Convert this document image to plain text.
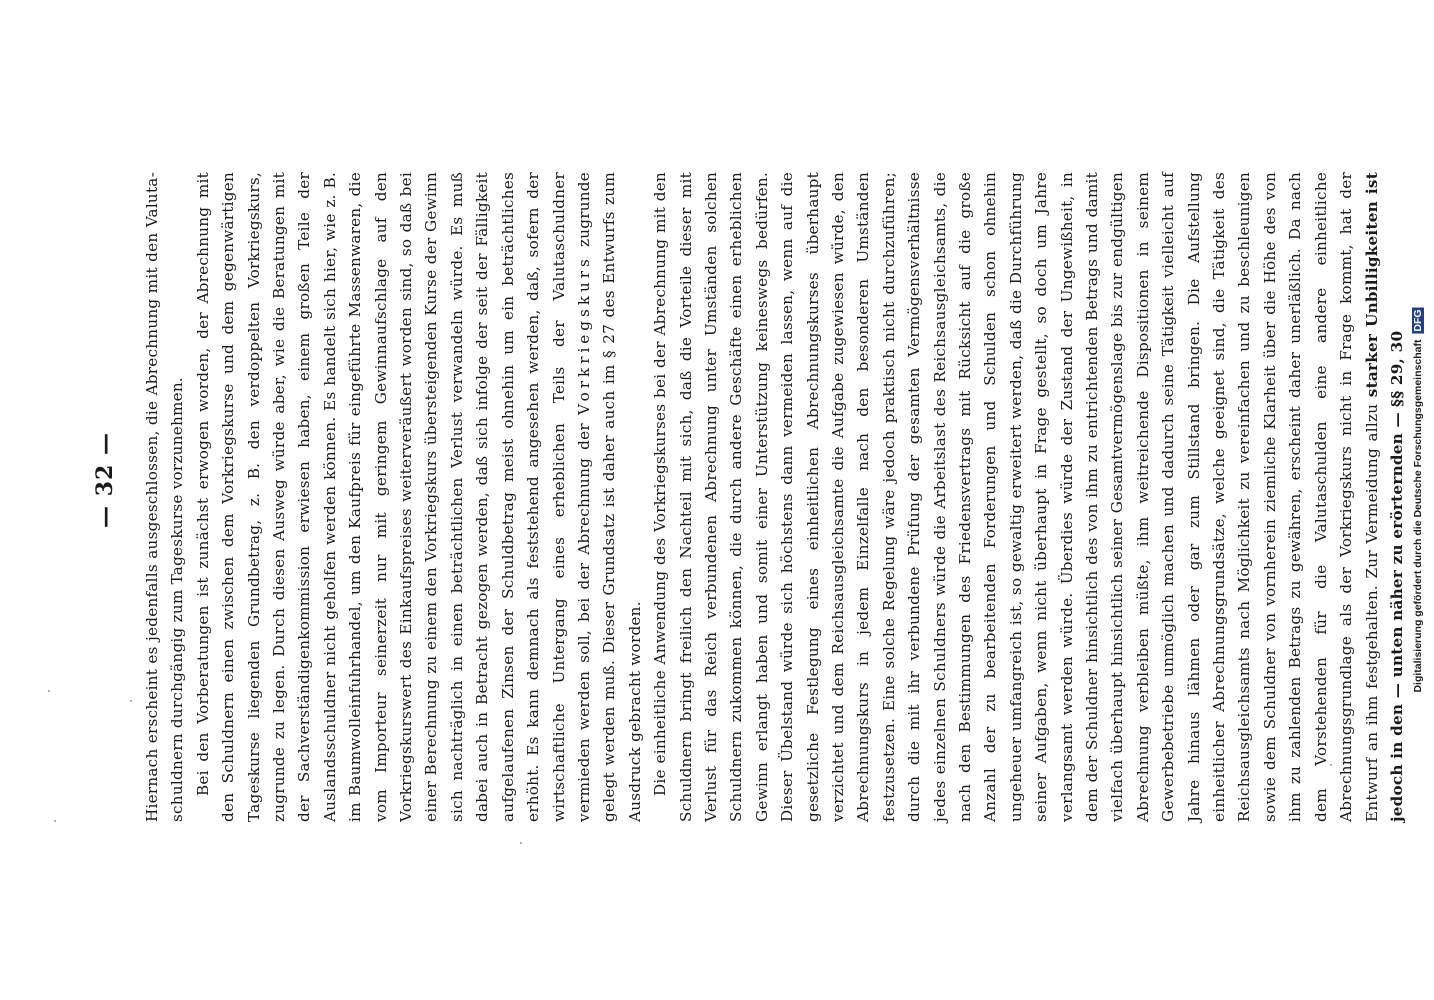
— 32 — Hiernach erscheint es jedenfalls ausgeschlossen, die Abrechnung mit den Valuta-schuldnern durchgängig zum Tageskurse vorzunehmen. Bei den Vorberatungen ist zunächst erwogen worden, der Abrechnung mit den Schuldnern einen zwischen dem Vorkriegskurse und dem gegenwärtigen Tageskurse liegenden Grundbetrag, z. B. den verdoppelten Vorkriegskurs, zugrunde zu legen. Durch diesen Ausweg würde aber, wie die Beratungen mit der Sachverständigenkommission erwiesen haben, einem großen Teile der Auslandsschuldner nicht geholfen werden können. Es handelt sich hier, wie z. B. im Baumwolleinfuhrhandel, um den Kaufpreis für eingeführte Massenwaren, die vom Importeur seinerzeit nur mit geringem Gewinnaufschlage auf den Vorkriegskurswert des Einkaufspreises weiterveräußert worden sind, so daß bei einer Berechnung zu einem den Vorkriegskurs übersteigenden Kurse der Gewinn sich nachträglich in einen beträchtlichen Verlust verwandeln würde. Es muß dabei auch in Betracht gezogen werden, daß sich infolge der seit der Fälligkeit aufgelaufenen Zinsen der Schuldbetrag meist ohnehin um ein beträchtliches erhöht. Es kann demnach als feststehend angesehen werden, daß, sofern der wirtschaftliche Untergang eines erheblichen Teils der Valutaschuldner vermieden werden soll, bei der Abrechnung der Vorkriegskurs zugrunde gelegt werden muß. Dieser Grundsatz ist daher auch im § 27 des Entwurfs zum Ausdruck gebracht worden. Die einheitliche Anwendung des Vorkriegskurses bei der Abrechnung mit den Schuldnern bringt freilich den Nachteil mit sich, daß die Vorteile dieser mit Verlust für das Reich verbundenen Abrechnung unter Umständen solchen Schuldnern zukommen können, die durch andere Geschäfte einen erheblichen Gewinn erlangt haben und somit einer Unterstützung keineswegs bedürfen. Dieser Übelstand würde sich höchstens dann vermeiden lassen, wenn auf die gesetzliche Festlegung eines einheitlichen Abrechnungskurses überhaupt verzichtet und dem Reichsausgleichsamte die Aufgabe zugewiesen würde, den Abrechnungskurs in jedem Einzelfalle nach den besonderen Umständen festzusetzen. Eine solche Regelung wäre jedoch praktisch nicht durchzuführen; durch die mit ihr verbundene Prüfung der gesamten Vermögensverhältnisse jedes einzelnen Schuldners würde die Arbeitslast des Reichsausgleichsamts, die nach den Bestimmungen des Friedensvertrags mit Rücksicht auf die große Anzahl der zu bearbeitenden Forderungen und Schulden schon ohnehin ungeheuer umfangreich ist, so gewaltig erweitert werden, daß die Durchführung seiner Aufgaben, wenn nicht überhaupt in Frage gestellt, so doch um Jahre verlangsamt werden würde. Überdies würde der Zustand der Ungewißheit, in dem der Schuldner hinsichtlich des von ihm zu entrichtenden Betrags und damit vielfach überhaupt hinsichtlich seiner Gesamtvermögenslage bis zur endgültigen Abrechnung verbleiben müßte, ihm weitreichende Dispositionen in seinem Gewerbebetriebe unmöglich machen und dadurch seine Tätigkeit vielleicht auf Jahre hinaus lähmen oder gar zum Stillstand bringen. Die Aufstellung einheitlicher Abrechnungsgrundsätze, welche geeignet sind, die Tätigkeit des Reichsausgleichsamts nach Möglichkeit zu vereinfachen und zu beschleunigen sowie dem Schuldner von vornherein ziemliche Klarheit über die Höhe des von ihm zu zahlenden Betrags zu gewähren, erscheint daher unerläßlich. Da nach dem Vorstehenden für die Valutaschulden eine andere einheitliche Abrechnungsgrundlage als der Vorkriegskurs nicht in Frage kommt, hat der Entwurf an ihm festgehalten. Zur Vermeidung allzu starker Unbilligkeiten ist jedoch in den — unten näher zu erörternden — §§ 29, 30 Digitalisierung gefördert durch die Deutsche Forschungsgemeinschaft DFG
